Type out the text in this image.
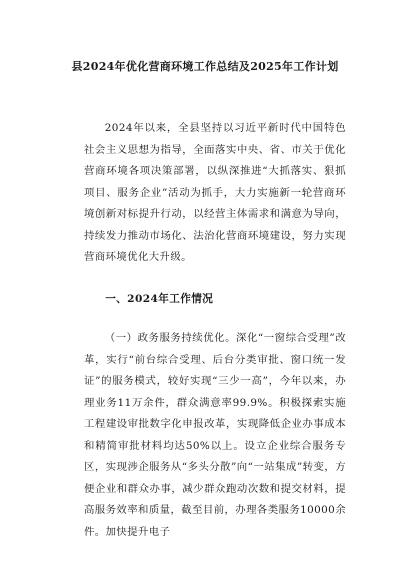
县2024年优化营商环境工作总结及2025年工作计划

2024年以来，全县坚持以习近平新时代中国特色社会主义思想为指导，全面落实中央、省、市关于优化营商环境各项决策部署，以纵深推进“大抓落实、狠抓项目、服务企业”活动为抓手，大力实施新一轮营商环境创新对标提升行动，以经营主体需求和满意为导向，持续发力推动市场化、法治化营商环境建设，努力实现营商环境优化大升级。

一、2024年工作情况

（一）政务服务持续优化。深化“一窗综合受理”改革，实行“前台综合受理、后台分类审批、窗口统一发证”的服务模式，较好实现“三少一高”，今年以来，办理业务11万余件，群众满意率99.9%。积极探索实施工程建设审批数字化申报改革，实现降低企业办事成本和精简审批材料均达50%以上。设立企业综合服务专区，实现涉企服务从“多头分散”向“一站集成”转变，方便企业和群众办事，减少群众跑动次数和提交材料，提高服务效率和质量，截至目前，办理各类服务10000余件。加快提升电子
